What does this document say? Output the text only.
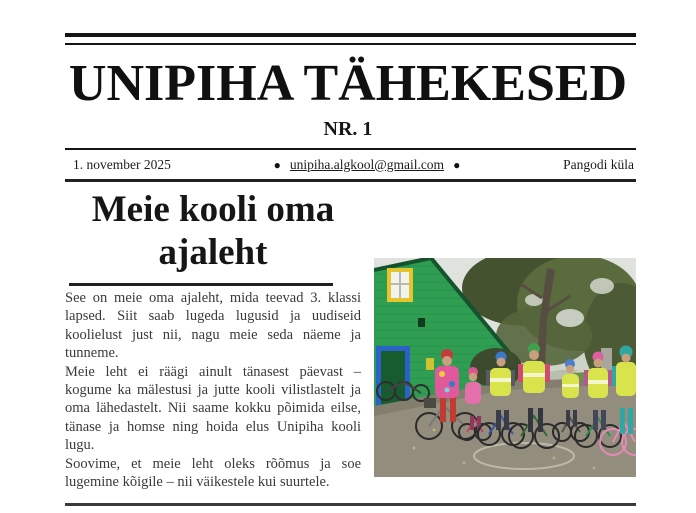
UNIPIHA TÄHEKESED
NR. 1
1. november 2025	● unipiha.algkool@gmail.com ●	Pangodi küla
Meie kooli oma
ajaleht

See on meie oma ajaleht, mida teevad 3. klassi lapsed. Siit saab lugeda lugusid ja uudiseid koolielust just nii, nagu meie seda näeme ja tunneme.

Meie leht ei räägi ainult tänasest päevast – kogume ka mälestusi ja jutte kooli vilistlastelt ja oma lähedastelt. Nii saame kokku põimida eilse, tänase ja homse ning hoida elus Unipiha kooli lugu.

Soovime, et meie leht oleks rõõmus ja soe lugemine kõigile – nii väikestele kui suurtele.
